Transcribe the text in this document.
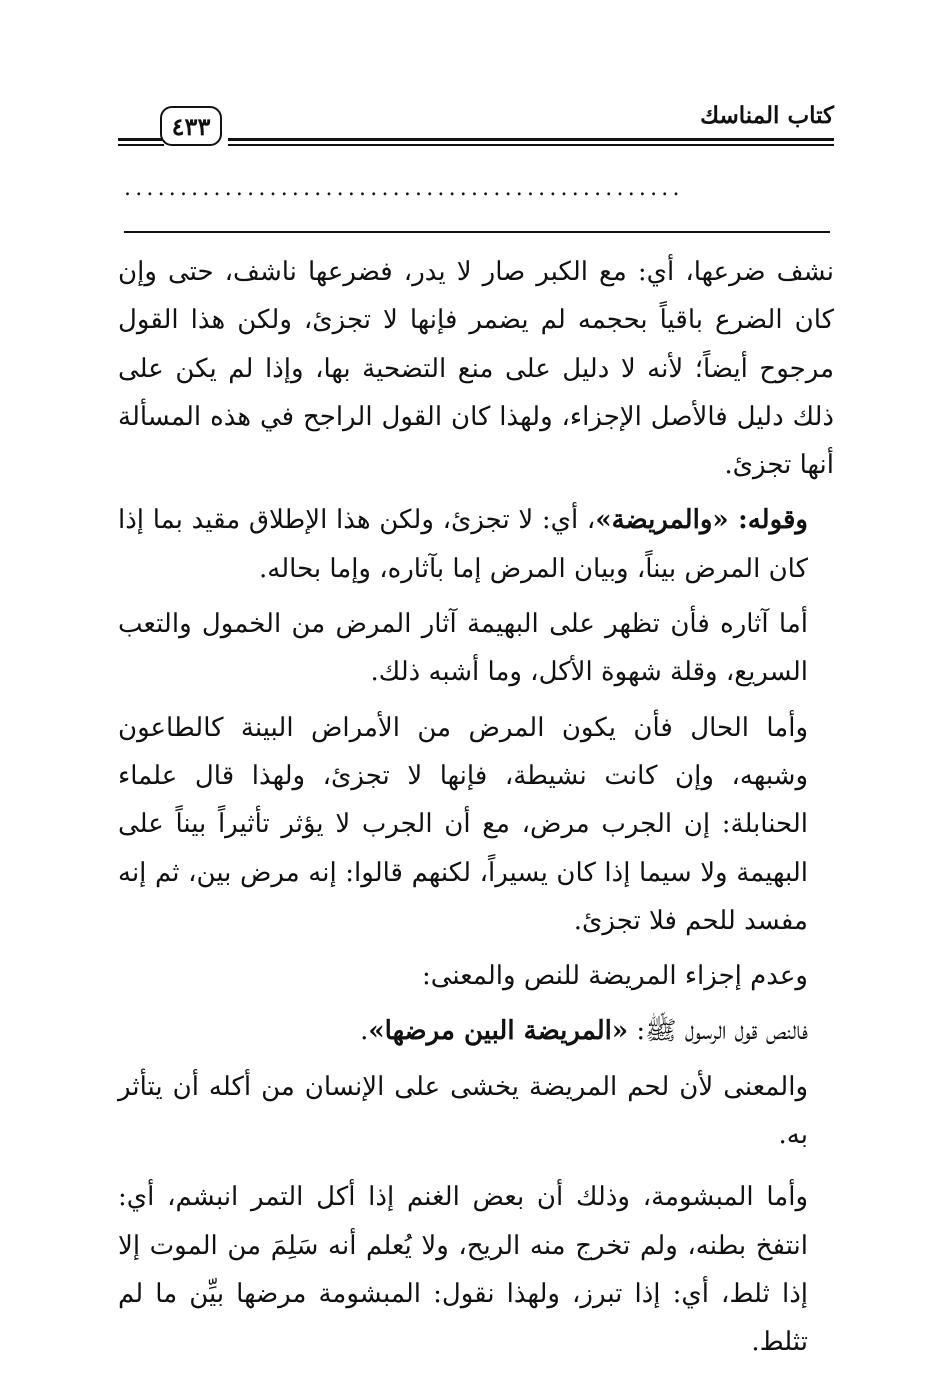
كتاب المناسك
٤٣٣
..................................................

نشف ضرعها، أي: مع الكبر صار لا يدر، فضرعها ناشف، حتى وإن كان الضرع باقياً بحجمه لم يضمر فإنها لا تجزئ، ولكن هذا القول مرجوح أيضاً؛ لأنه لا دليل على منع التضحية بها، وإذا لم يكن على ذلك دليل فالأصل الإجزاء، ولهذا كان القول الراجح في هذه المسألة أنها تجزئ.

وقوله: «والمريضة»، أي: لا تجزئ، ولكن هذا الإطلاق مقيد بما إذا كان المرض بيناً، وبيان المرض إما بآثاره، وإما بحاله.

أما آثاره فأن تظهر على البهيمة آثار المرض من الخمول والتعب السريع، وقلة شهوة الأكل، وما أشبه ذلك.

وأما الحال فأن يكون المرض من الأمراض البينة كالطاعون وشبهه، وإن كانت نشيطة، فإنها لا تجزئ، ولهذا قال علماء الحنابلة: إن الجرب مرض، مع أن الجرب لا يؤثر تأثيراً بيناً على البهيمة ولا سيما إذا كان يسيراً، لكنهم قالوا: إنه مرض بين، ثم إنه مفسد للحم فلا تجزئ.

وعدم إجزاء المريضة للنص والمعنى:

فالنص قول الرسول ﷺ: «المريضة البين مرضها».

والمعنى لأن لحم المريضة يخشى على الإنسان من أكله أن يتأثر به.

وأما المبشومة، وذلك أن بعض الغنم إذا أكل التمر انبشم، أي: انتفخ بطنه، ولم تخرج منه الريح، ولا يُعلم أنه سَلِمَ من الموت إلا إذا ثلط، أي: إذا تبرز، ولهذا نقول: المبشومة مرضها بيِّن ما لم تثلط.
